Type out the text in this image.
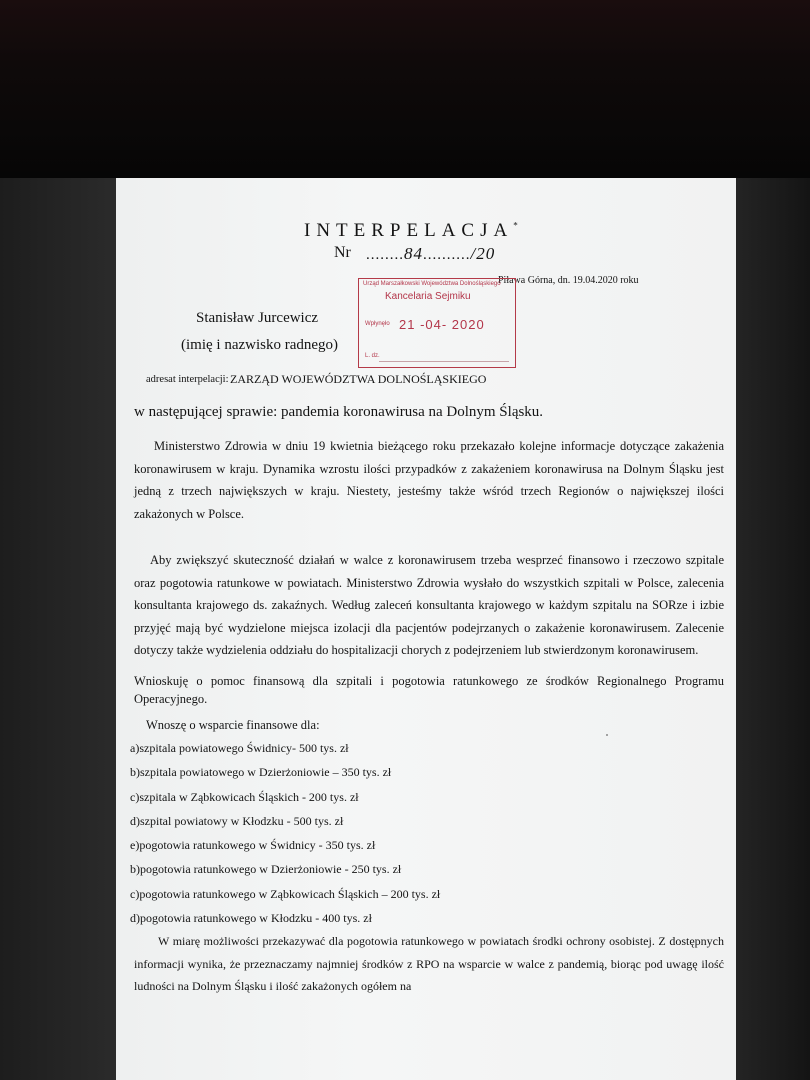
INTERPELACJA*
Nr ........84........../20
Piława Górna, dn. 19.04.2020 roku
Urząd Marszałkowski Województwa Dolnośląskiego
Kancelaria Sejmiku
Wpłynęło 21 -04- 2020
L. dz.
Stanisław Jurcewicz
(imię i nazwisko radnego)
adresat interpelacji: ZARZĄD WOJEWÓDZTWA DOLNOŚLĄSKIEGO
w następującej sprawie: pandemia koronawirusa na Dolnym Śląsku.

Ministerstwo Zdrowia w dniu 19 kwietnia bieżącego roku przekazało kolejne informacje dotyczące zakażenia koronawirusem w kraju. Dynamika wzrostu ilości przypadków z zakażeniem koronawirusa na Dolnym Śląsku jest jedną z trzech największych w kraju. Niestety, jesteśmy także wśród trzech Regionów o największej ilości zakażonych w Polsce.

Aby zwiększyć skuteczność działań w walce z koronawirusem trzeba wesprzeć finansowo i rzeczowo szpitale oraz pogotowia ratunkowe w powiatach. Ministerstwo Zdrowia wysłało do wszystkich szpitali w Polsce, zalecenia konsultanta krajowego ds. zakaźnych. Według zaleceń konsultanta krajowego w każdym szpitalu na SORze i izbie przyjęć mają być wydzielone miejsca izolacji dla pacjentów podejrzanych o zakażenie koronawirusem. Zalecenie dotyczy także wydzielenia oddziału do hospitalizacji chorych z podejrzeniem lub stwierdzonym koronawirusem.

Wnioskuję o pomoc finansową dla szpitali i pogotowia ratunkowego ze środków Regionalnego Programu Operacyjnego.

Wnoszę o wsparcie finansowe dla:

a)szpitala powiatowego Świdnicy- 500 tys. zł
b)szpitala powiatowego w Dzierżoniowie – 350 tys. zł
c)szpitala w Ząbkowicach Śląskich - 200 tys. zł
d)szpital powiatowy w Kłodzku - 500 tys. zł
e)pogotowia ratunkowego w Świdnicy - 350 tys. zł
b)pogotowia ratunkowego w Dzierżoniowie - 250 tys. zł
c)pogotowia ratunkowego w Ząbkowicach Śląskich – 200 tys. zł
d)pogotowia ratunkowego w Kłodzku - 400 tys. zł

W miarę możliwości przekazywać dla pogotowia ratunkowego w powiatach środki ochrony osobistej. Z dostępnych informacji wynika, że przeznaczamy najmniej środków z RPO na wsparcie w walce z pandemią, biorąc pod uwagę ilość ludności na Dolnym Śląsku i ilość zakażonych ogółem na
